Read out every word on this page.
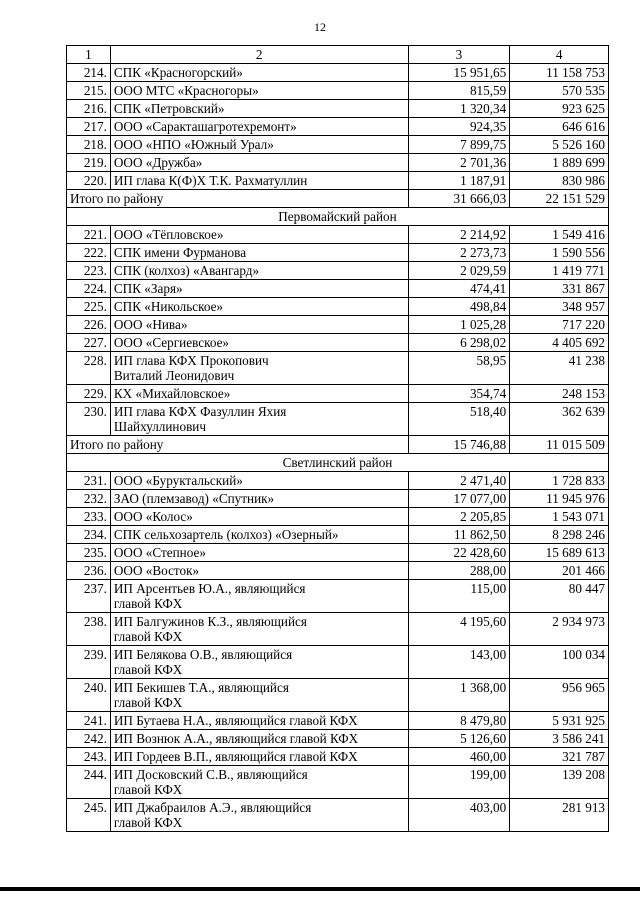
12
1	2	3	4
214.	СПК «Красногорский»	15 951,65	11 158 753
215.	ООО МТС «Красногоры»	815,59	570 535
216.	СПК «Петровский»	1 320,34	923 625
217.	ООО «Саракташагротехремонт»	924,35	646 616
218.	ООО «НПО «Южный Урал»	7 899,75	5 526 160
219.	ООО «Дружба»	2 701,36	1 889 699
220.	ИП глава К(Ф)Х Т.К. Рахматуллин	1 187,91	830 986
Итого по району		31 666,03	22 151 529
Первомайский район			
221.	ООО «Тёпловское»	2 214,92	1 549 416
222.	СПК имени Фурманова	2 273,73	1 590 556
223.	СПК (колхоз) «Авангард»	2 029,59	1 419 771
224.	СПК «Заря»	474,41	331 867
225.	СПК «Никольское»	498,84	348 957
226.	ООО «Нива»	1 025,28	717 220
227.	ООО «Сергиевское»	6 298,02	4 405 692
228.	ИП глава КФХ Прокопович
Виталий Леонидович	58,95	41 238
229.	КХ «Михайловское»	354,74	248 153
230.	ИП глава КФХ Фазуллин Яхия
Шайхуллинович	518,40	362 639
Итого по району		15 746,88	11 015 509
Светлинский район			
231.	ООО «Буруктальский»	2 471,40	1 728 833
232.	ЗАО (племзавод) «Спутник»	17 077,00	11 945 976
233.	ООО «Колос»	2 205,85	1 543 071
234.	СПК сельхозартель (колхоз) «Озерный»	11 862,50	8 298 246
235.	ООО «Степное»	22 428,60	15 689 613
236.	ООО «Восток»	288,00	201 466
237.	ИП Арсентьев Ю.А., являющийся
главой КФХ	115,00	80 447
238.	ИП Балгужинов К.З., являющийся
главой КФХ	4 195,60	2 934 973
239.	ИП Белякова О.В., являющийся
главой КФХ	143,00	100 034
240.	ИП Бекишев Т.А., являющийся
главой КФХ	1 368,00	956 965
241.	ИП Бутаева Н.А., являющийся главой КФХ	8 479,80	5 931 925
242.	ИП Вознюк А.А., являющийся главой КФХ	5 126,60	3 586 241
243.	ИП Гордеев В.П., являющийся главой КФХ	460,00	321 787
244.	ИП Досковский С.В., являющийся
главой КФХ	199,00	139 208
245.	ИП Джабраилов А.Э., являющийся
главой КФХ	403,00	281 913
